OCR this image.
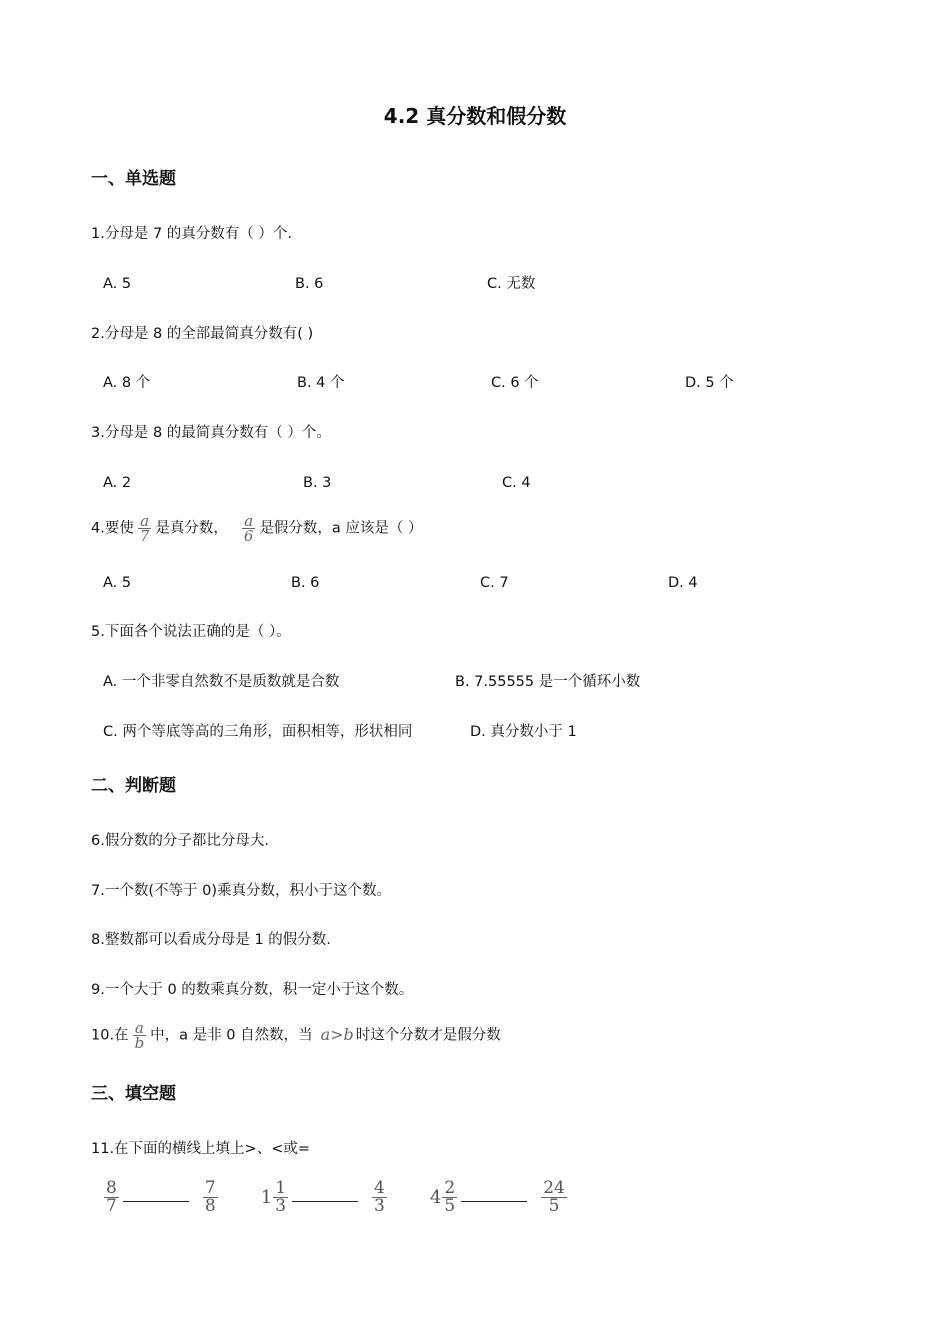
4.2 真分数和假分数
一、单选题
1.分母是 7 的真分数有（ ）个.
A. 5	B. 6	C. 无数
2.分母是 8 的全部最简真分数有( )
A. 8 个	B. 4 个	C. 6 个	D. 5 个
3.分母是 8 的最简真分数有（ ）个。
A. 2	B. 3	C. 4
4.要使 $\frac{a}{7}$ 是真分数， $\frac{a}{6}$ 是假分数，a 应该是（ ）
A. 5	B. 6	C. 7	D. 4
5.下面各个说法正确的是（ ）。
A. 一个非零自然数不是质数就是合数	B. 7.55555 是一个循环小数
C. 两个等底等高的三角形，面积相等，形状相同	D. 真分数小于 1
二、判断题
6.假分数的分子都比分母大.
7.一个数(不等于 0)乘真分数，积小于这个数。
8.整数都可以看成分母是 1 的假分数.
9.一个大于 0 的数乘真分数，积一定小于这个数。
10.在 $\frac{a}{b}$ 中，a 是非 0 自然数，当 a>b 时这个分数才是假分数
三、填空题
11.在下面的横线上填上>、<或=
$\frac{8}{7}$	$\frac{7}{8} 1 \frac{1}{3}$	$\frac{4}{3} 4 \frac{2}{5}$	$\frac{24}{5}$
